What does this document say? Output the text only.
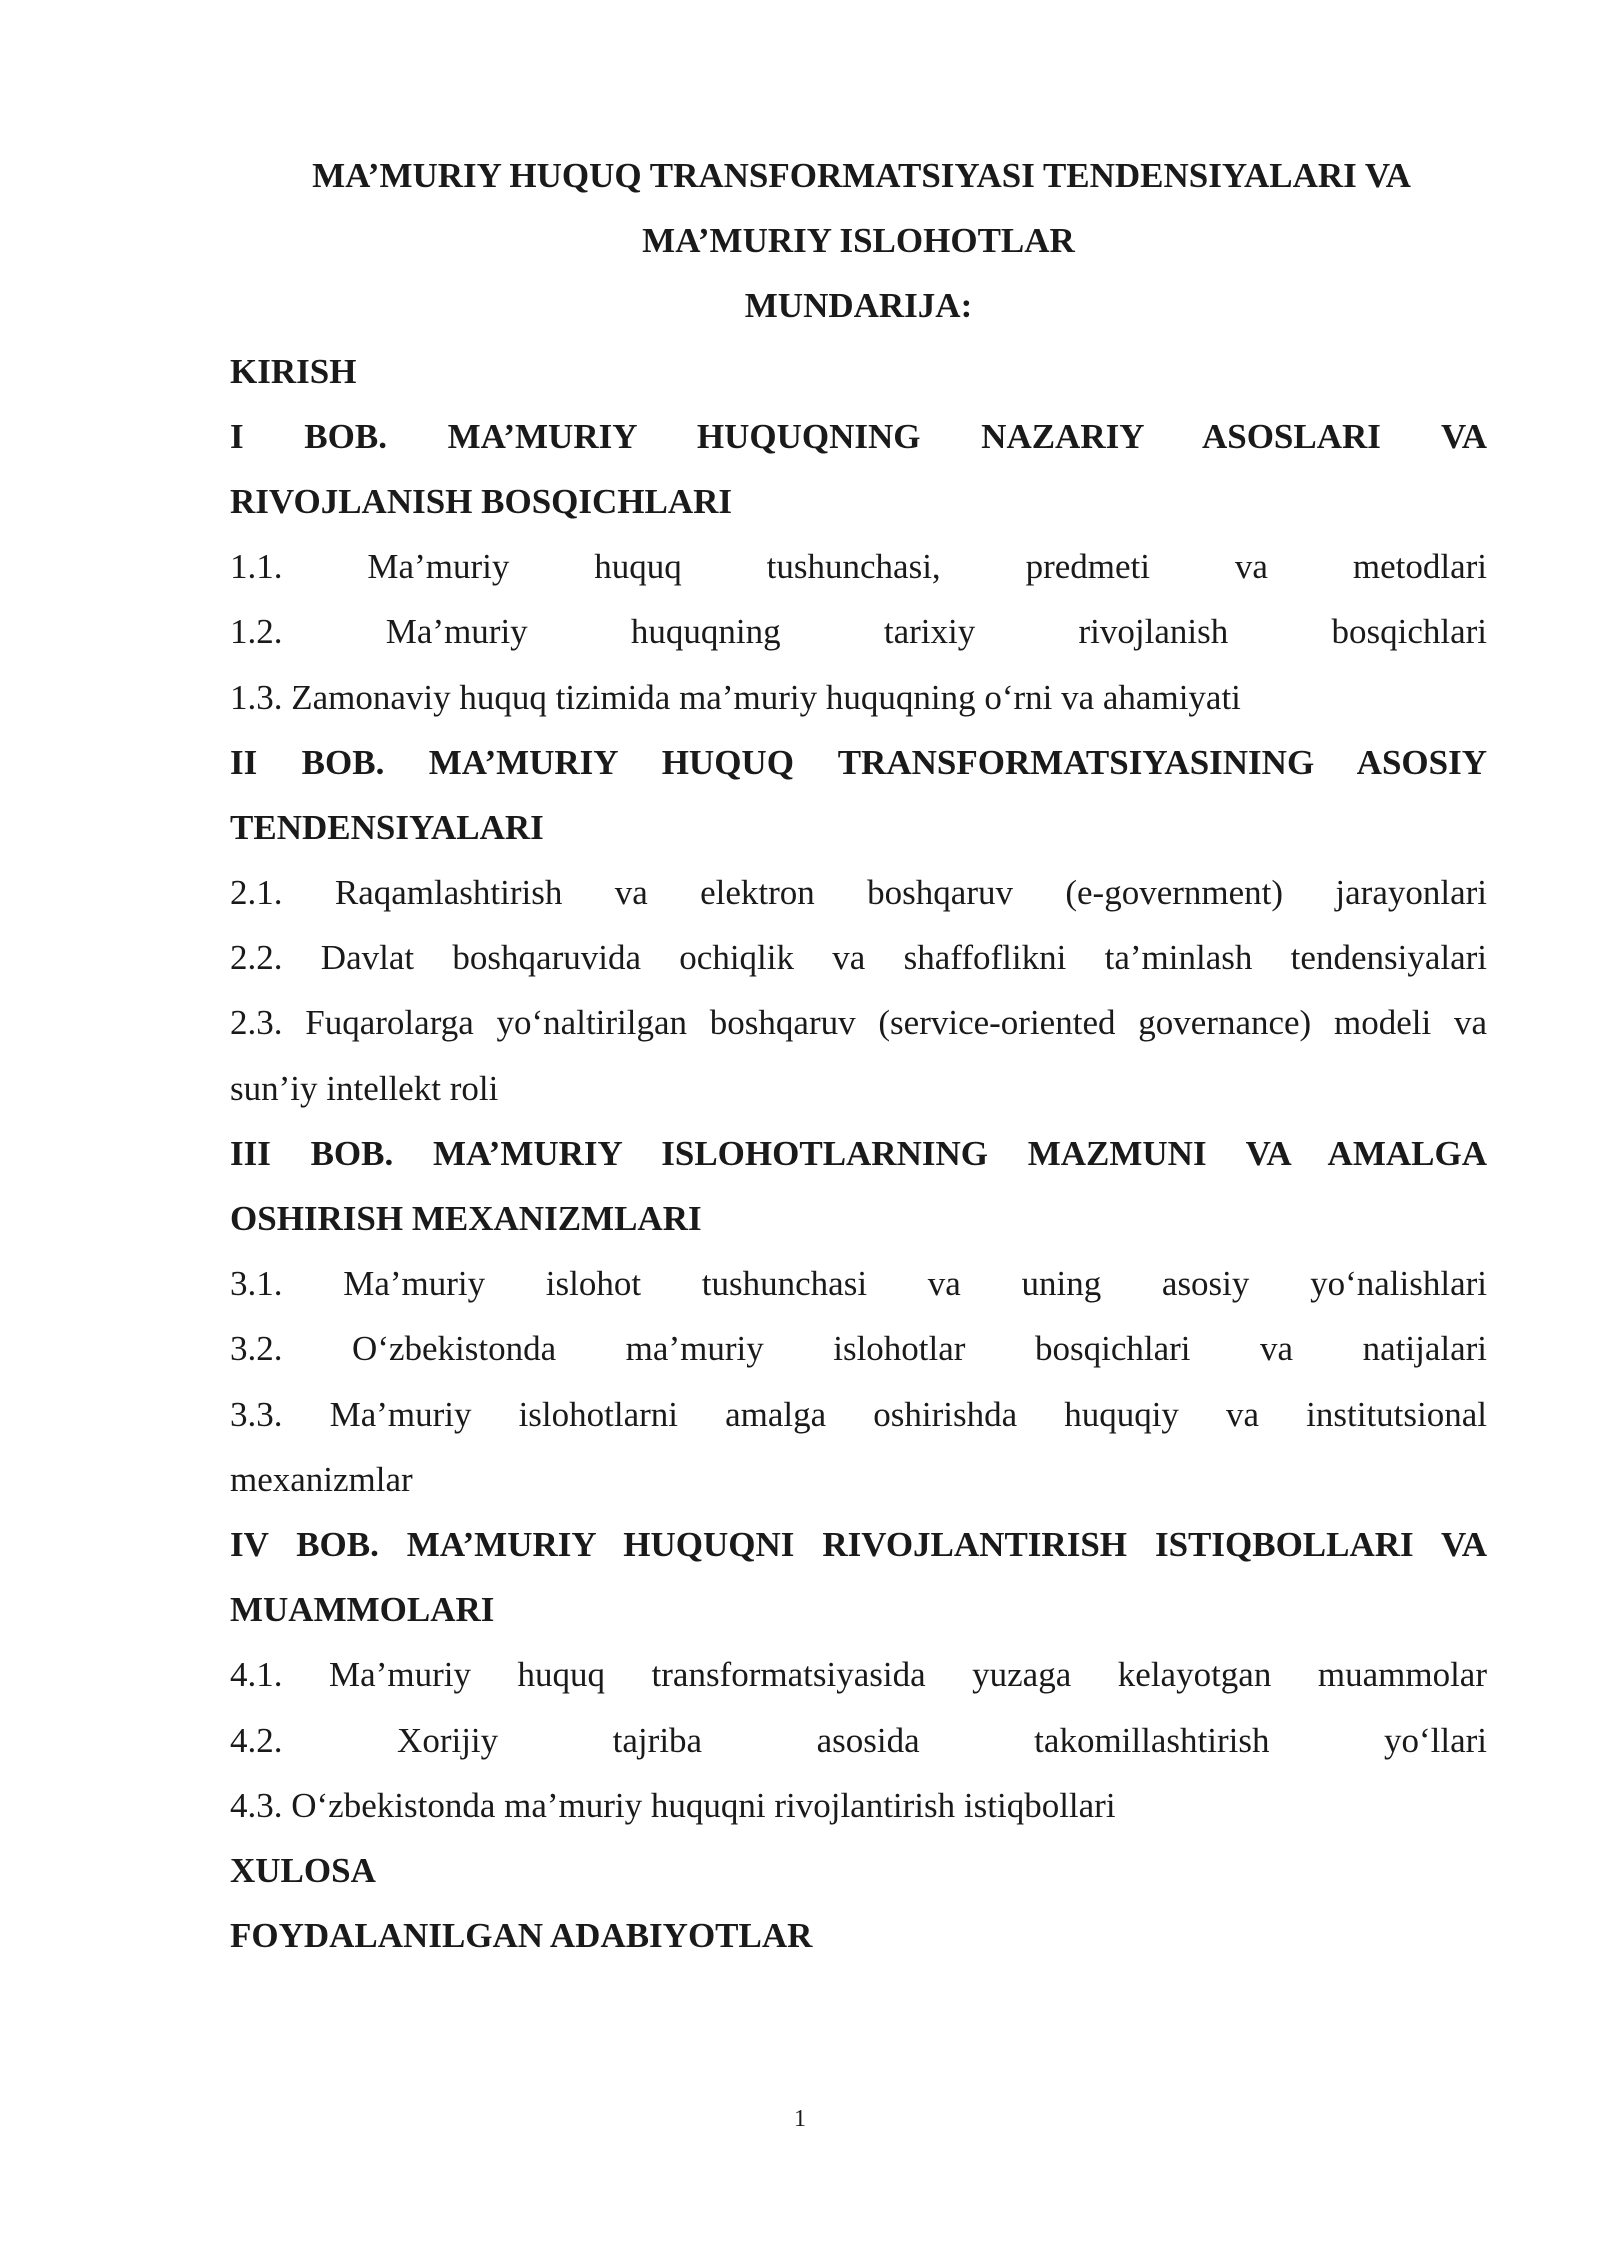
MA’MURIY HUQUQ TRANSFORMATSIYASI TENDENSIYALARI VA
MA’MURIY ISLOHOTLAR
MUNDARIJA:
KIRISH
I BOB. MA’MURIY HUQUQNING NAZARIY ASOSLARI VA
RIVOJLANISH BOSQICHLARI
1.1. Ma’muriy huquq tushunchasi, predmeti va metodlari
1.2. Ma’muriy huquqning tarixiy rivojlanish bosqichlari
1.3. Zamonaviy huquq tizimida ma’muriy huquqning o‘rni va ahamiyati
II BOB. MA’MURIY HUQUQ TRANSFORMATSIYASINING ASOSIY
TENDENSIYALARI
2.1. Raqamlashtirish va elektron boshqaruv (e-government) jarayonlari
2.2. Davlat boshqaruvida ochiqlik va shaffoflikni ta’minlash tendensiyalari
2.3. Fuqarolarga yo‘naltirilgan boshqaruv (service-oriented governance) modeli va
sun’iy intellekt roli
III BOB. MA’MURIY ISLOHOTLARNING MAZMUNI VA AMALGA
OSHIRISH MEXANIZMLARI
3.1. Ma’muriy islohot tushunchasi va uning asosiy yo‘nalishlari
3.2. O‘zbekistonda ma’muriy islohotlar bosqichlari va natijalari
3.3. Ma’muriy islohotlarni amalga oshirishda huquqiy va institutsional
mexanizmlar
IV BOB. MA’MURIY HUQUQNI RIVOJLANTIRISH ISTIQBOLLARI VA
MUAMMOLARI
4.1. Ma’muriy huquq transformatsiyasida yuzaga kelayotgan muammolar
4.2. Xorijiy tajriba asosida takomillashtirish yo‘llari
4.3. O‘zbekistonda ma’muriy huquqni rivojlantirish istiqbollari
XULOSA
FOYDALANILGAN ADABIYOTLAR
1
